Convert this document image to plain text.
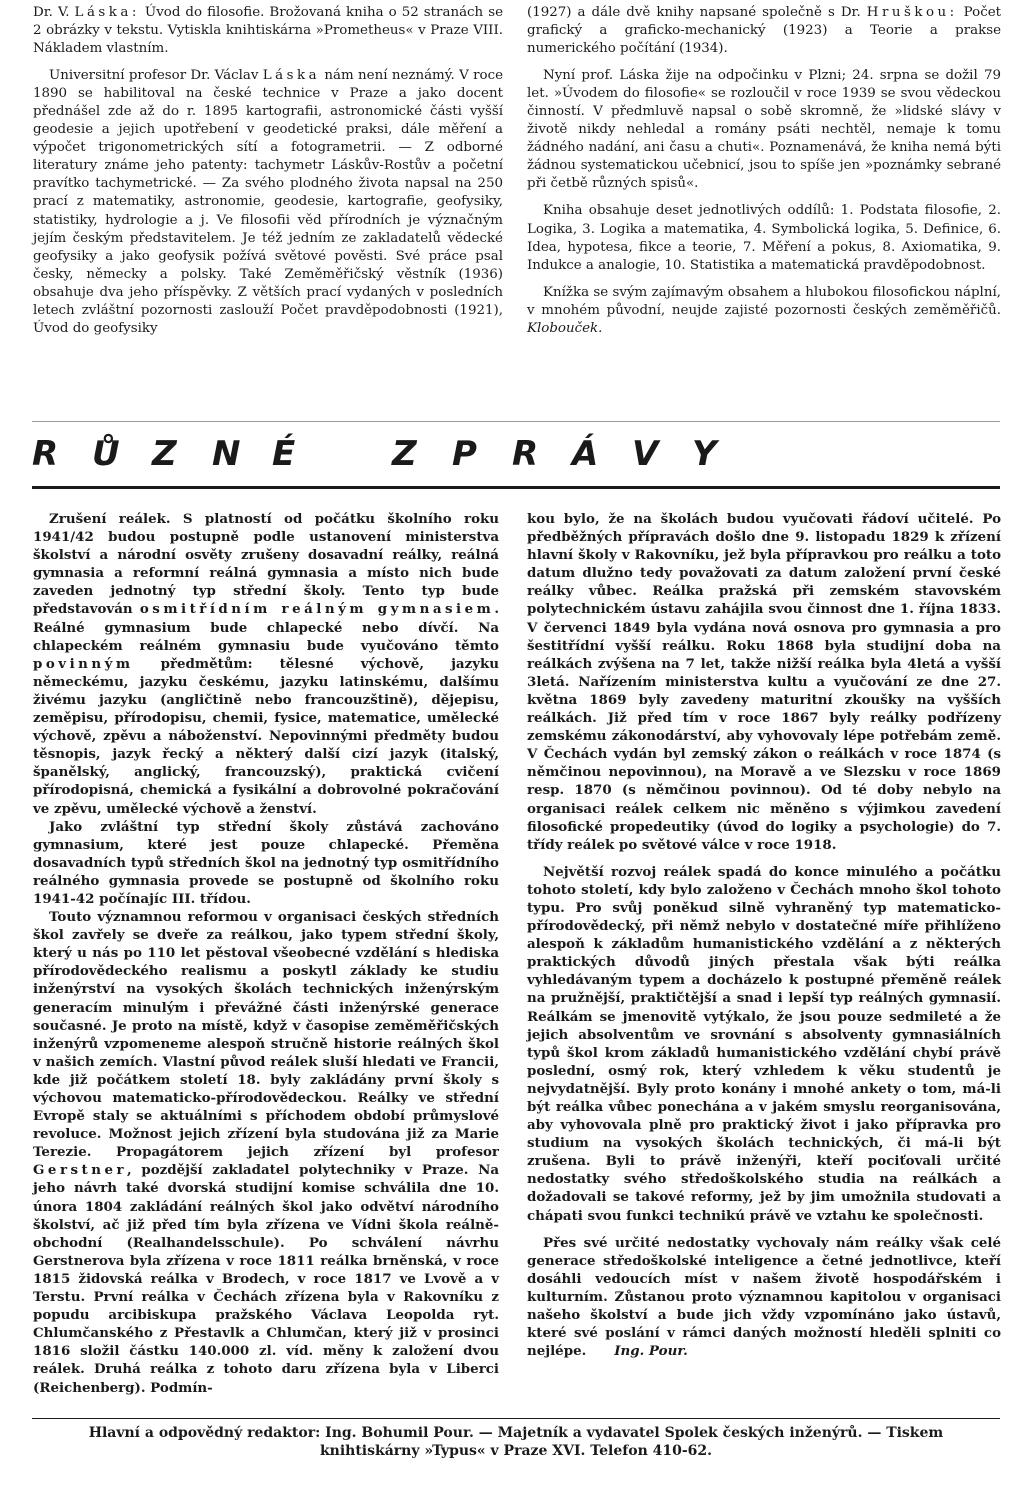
Dr. V. Láska: Úvod do filosofie. Brožovaná kniha o 52 stranách se 2 obrázky v tekstu. Vytiskla knihtiskárna »Prometheus« v Praze VIII. Nákladem vlastním.

Universitní profesor Dr. Václav Láska nám není neznámý. V roce 1890 se habilitoval na české technice v Praze a jako docent přednášel zde až do r. 1895 kartografii, astronomické části vyšší geodesie a jejich upotřebení v geodetické praksi, dále měření a výpočet trigonometrických sítí a fotogrametrii. — Z odborné literatury známe jeho patenty: tachymetr Láskův-Rostův a početní pravítko tachymetrické. — Za svého plodného života napsal na 250 prací z matematiky, astronomie, geodesie, kartografie, geofysiky, statistiky, hydrologie a j. Ve filosofii věd přírodních je význačným jejím českým představitelem. Je též jedním ze zakladatelů vědecké geofysiky a jako geofysik požívá světové pověsti. Své práce psal česky, německy a polsky. Také Zeměměřičský věstník (1936) obsahuje dva jeho příspěvky. Z větších prací vydaných v posledních letech zvláštní pozornosti zaslouží Počet pravděpodobnosti (1921), Úvod do geofysiky

(1927) a dále dvě knihy napsané společně s Dr. Hruškou: Počet grafický a graficko-mechanický (1923) a Teorie a prakse numerického počítání (1934).

Nyní prof. Láska žije na odpočinku v Plzni; 24. srpna se dožil 79 let. »Úvodem do filosofie« se rozloučil v roce 1939 se svou vědeckou činností. V předmluvě napsal o sobě skromně, že »lidské slávy v životě nikdy nehledal a romány psáti nechtěl, nemaje k tomu žádného nadání, ani času a chuti«. Poznamenává, že kniha nemá býti žádnou systematickou učebnicí, jsou to spíše jen »poznámky sebrané při četbě různých spisů«.

Kniha obsahuje deset jednotlivých oddílů: 1. Podstata filosofie, 2. Logika, 3. Logika a matematika, 4. Symbolická logika, 5. Definice, 6. Idea, hypotesa, fikce a teorie, 7. Měření a pokus, 8. Axiomatika, 9. Indukce a analogie, 10. Statistika a matematická pravděpodobnost.

Knížka se svým zajímavým obsahem a hlubokou filosofickou náplní, v mnohém původní, neujde zajisté pozornosti českých zeměměřičů. Klobouček.

R Ů Z N É	Z P R Á V Y

Zrušení reálek. S platností od počátku školního roku 1941/42 budou postupně podle ustanovení ministerstva školství a národní osvěty zrušeny dosavadní reálky, reálná gymnasia a reformní reálná gymnasia a místo nich bude zaveden jednotný typ střední školy. Tento typ bude představován osmitřídním reálným gymnasiem. Reálné gymnasium bude chlapecké nebo dívčí. Na chlapeckém reálném gymnasiu bude vyučováno těmto povinným předmětům: tělesné výchově, jazyku německému, jazyku českému, jazyku latinskému, dalšímu živému jazyku (angličtině nebo francouzštině), dějepisu, zeměpisu, přírodopisu, chemii, fysice, matematice, umělecké výchově, zpěvu a náboženství. Nepovinnými předměty budou těsnopis, jazyk řecký a některý další cizí jazyk (italský, španělský, anglický, francouzský), praktická cvičení přírodopisná, chemická a fysikální a dobrovolné pokračování ve zpěvu, umělecké výchově a ženství.

Jako zvláštní typ střední školy zůstává zachováno gymnasium, které jest pouze chlapecké. Přeměna dosavadních typů středních škol na jednotný typ osmitřídního reálného gymnasia provede se postupně od školního roku 1941-42 počínajíc III. třídou.

Touto významnou reformou v organisaci českých středních škol zavřely se dveře za reálkou, jako typem střední školy, který u nás po 110 let pěstoval všeobecné vzdělání s hlediska přírodovědeckého realismu a poskytl základy ke studiu inženýrství na vysokých školách technických inženýrským generacím minulým i převážné části inženýrské generace současné. Je proto na místě, když v časopise zeměměřičských inženýrů vzpomeneme alespoň stručně historie reálných škol v našich zemích. Vlastní původ reálek sluší hledati ve Francii, kde již počátkem století 18. byly zakládány první školy s výchovou matematicko-přírodovědeckou. Reálky ve střední Evropě staly se aktuálními s příchodem období průmyslové revoluce. Možnost jejich zřízení byla studována již za Marie Terezie. Propagátorem jejich zřízení byl profesor Gerstner, pozdější zakladatel polytechniky v Praze. Na jeho návrh také dvorská studijní komise schválila dne 10. února 1804 zakládání reálných škol jako odvětví národního školství, ač již před tím byla zřízena ve Vídni škola reálně-obchodní (Realhandelsschule). Po schválení návrhu Gerstnerova byla zřízena v roce 1811 reálka brněnská, v roce 1815 židovská reálka v Brodech, v roce 1817 ve Lvově a v Terstu. První reálka v Čechách zřízena byla v Rakovníku z popudu arcibiskupa pražského Václava Leopolda ryt. Chlumčanského z Přestavlk a Chlumčan, který již v prosinci 1816 složil částku 140.000 zl. víd. měny k založení dvou reálek. Druhá reálka z tohoto daru zřízena byla v Liberci (Reichenberg). Podmín-

kou bylo, že na školách budou vyučovati řádoví učitelé. Po předběžných přípravách došlo dne 9. listopadu 1829 k zřízení hlavní školy v Rakovníku, jež byla přípravkou pro reálku a toto datum dlužno tedy považovati za datum založení první české reálky vůbec. Reálka pražská při zemském stavovském polytechnickém ústavu zahájila svou činnost dne 1. října 1833. V červenci 1849 byla vydána nová osnova pro gymnasia a pro šestitřídní vyšší reálku. Roku 1868 byla studijní doba na reálkách zvýšena na 7 let, takže nižší reálka byla 4letá a vyšší 3letá. Nařízením ministerstva kultu a vyučování ze dne 27. května 1869 byly zavedeny maturitní zkoušky na vyšších reálkách. Již před tím v roce 1867 byly reálky podřízeny zemskému zákonodárství, aby vyhovovaly lépe potřebám země. V Čechách vydán byl zemský zákon o reálkách v roce 1874 (s němčinou nepovinnou), na Moravě a ve Slezsku v roce 1869 resp. 1870 (s němčinou povinnou). Od té doby nebylo na organisaci reálek celkem nic měněno s výjimkou zavedení filosofické propedeutiky (úvod do logiky a psychologie) do 7. třídy reálek po světové válce v roce 1918.

Největší rozvoj reálek spadá do konce minulého a počátku tohoto století, kdy bylo založeno v Čechách mnoho škol tohoto typu. Pro svůj poněkud silně vyhraněný typ matematicko-přírodovědecký, při němž nebylo v dostatečné míře přihlíženo alespoň k základům humanistického vzdělání a z některých praktických důvodů jiných přestala však býti reálka vyhledávaným typem a docházelo k postupné přeměně reálek na pružnější, praktičtější a snad i lepší typ reálných gymnasií. Reálkám se jmenovitě vytýkalo, že jsou pouze sedmileté a že jejich absolventům ve srovnání s absolventy gymnasiálních typů škol krom základů humanistického vzdělání chybí právě poslední, osmý rok, který vzhledem k věku studentů je nejvydatnější. Byly proto konány i mnohé ankety o tom, má-li být reálka vůbec ponechána a v jakém smyslu reorganisována, aby vyhovovala plně pro praktický život i jako přípravka pro studium na vysokých školách technických, či má-li být zrušena. Byli to právě inženýři, kteří pociťovali určité nedostatky svého středoškolského studia na reálkách a dožadovali se takové reformy, jež by jim umožnila studovati a chápati svou funkci technikú právě ve vztahu ke společnosti.

Přes své určité nedostatky vychovaly nám reálky však celé generace středoškolské inteligence a četné jednotlivce, kteří dosáhli vedoucích míst v našem životě hospodářském i kulturním. Zůstanou proto významnou kapitolou v organisaci našeho školství a bude jich vždy vzpomínáno jako ústavů, které své poslání v rámci daných možností hleděli splniti co nejlépe. Ing. Pour.

Hlavní a odpovědný redaktor: Ing. Bohumil Pour. — Majetník a vydavatel Spolek českých inženýrů. — Tiskem
knihtiskárny »Typus« v Praze XVI. Telefon 410-62.
